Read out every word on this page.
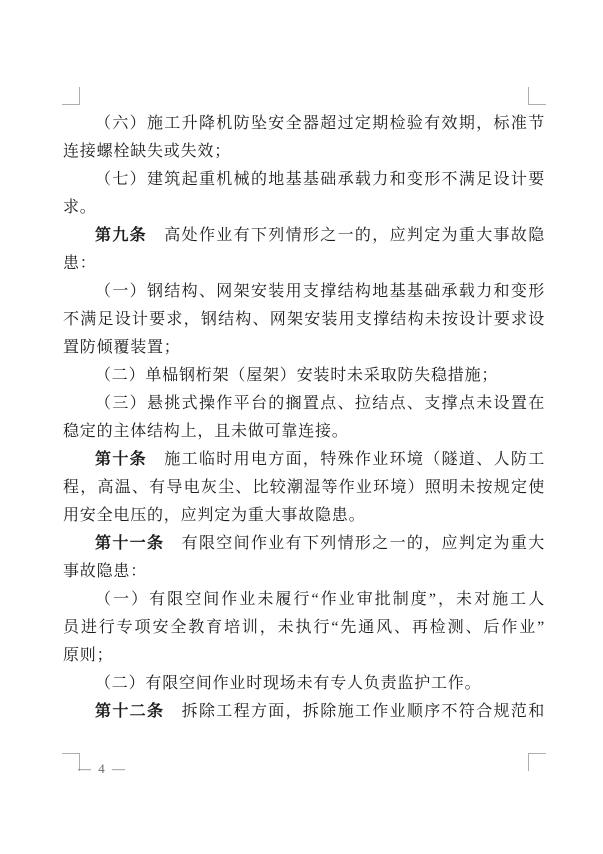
（六）施工升降机防坠安全器超过定期检验有效期，标准节
连接螺栓缺失或失效；
（七）建筑起重机械的地基基础承载力和变形不满足设计要
求。
第九条　高处作业有下列情形之一的，应判定为重大事故隐
患：
（一）钢结构、网架安装用支撑结构地基基础承载力和变形
不满足设计要求，钢结构、网架安装用支撑结构未按设计要求设
置防倾覆装置；
（二）单榀钢桁架（屋架）安装时未采取防失稳措施；
（三）悬挑式操作平台的搁置点、拉结点、支撑点未设置在
稳定的主体结构上，且未做可靠连接。
第十条　施工临时用电方面，特殊作业环境（隧道、人防工
程，高温、有导电灰尘、比较潮湿等作业环境）照明未按规定使
用安全电压的，应判定为重大事故隐患。
第十一条　有限空间作业有下列情形之一的，应判定为重大
事故隐患：
（一）有限空间作业未履行“作业审批制度”，未对施工人
员进行专项安全教育培训，未执行“先通风、再检测、后作业”
原则；
（二）有限空间作业时现场未有专人负责监护工作。
第十二条　拆除工程方面，拆除施工作业顺序不符合规范和
— 4 —
